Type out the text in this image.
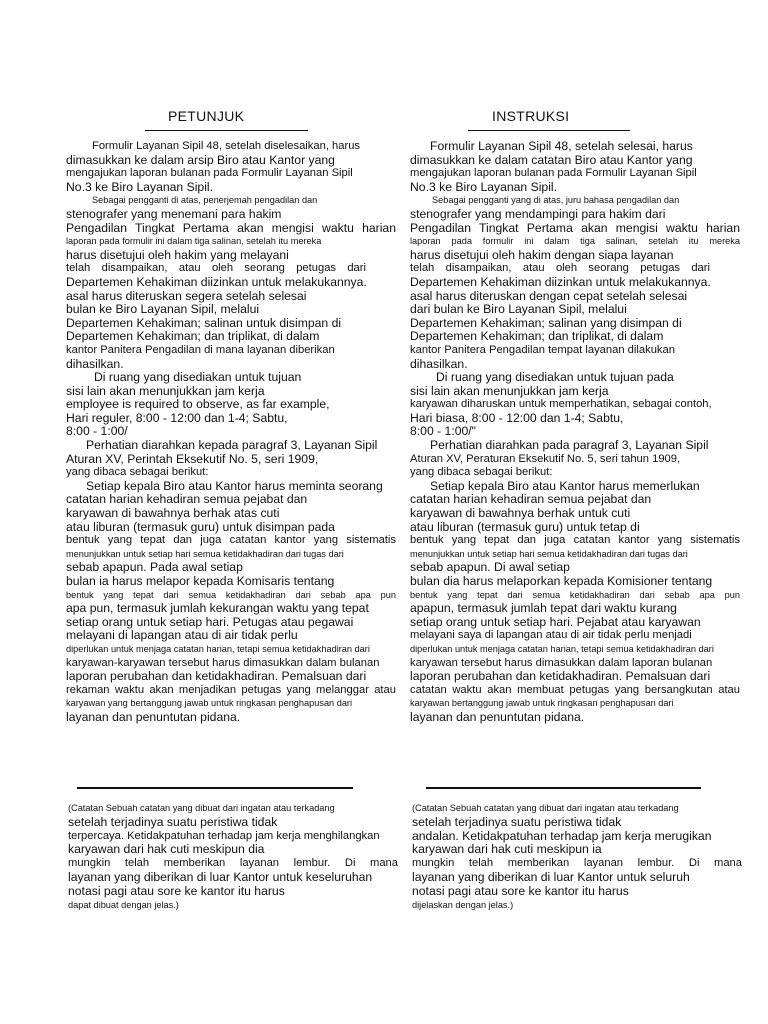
PETUNJUK
Formulir Layanan Sipil 48, setelah diselesaikan, harus
dimasukkan ke dalam arsip Biro atau Kantor yang
mengajukan laporan bulanan pada Formulir Layanan Sipil
No.3 ke Biro Layanan Sipil.
Sebagai pengganti di atas, penerjemah pengadilan dan
stenografer yang menemani para hakim
Pengadilan Tingkat Pertama akan mengisi waktu harian
laporan pada formulir ini dalam tiga salinan, setelah itu mereka
harus disetujui oleh hakim yang melayani
telah disampaikan, atau oleh seorang petugas dari
Departemen Kehakiman diizinkan untuk melakukannya.
asal harus diteruskan segera setelah selesai
bulan ke Biro Layanan Sipil, melalui
Departemen Kehakiman; salinan untuk disimpan di
Departemen Kehakiman; dan triplikat, di dalam
kantor Panitera Pengadilan di mana layanan diberikan
dihasilkan.
Di ruang yang disediakan untuk tujuan
sisi lain akan menunjukkan jam kerja
employee is required to observe, as far example,
Hari reguler, 8:00 - 12:00 dan 1-4; Sabtu,
8:00 - 1:00/
Perhatian diarahkan kepada paragraf 3, Layanan Sipil
Aturan XV, Perintah Eksekutif No. 5, seri 1909,
yang dibaca sebagai berikut:
Setiap kepala Biro atau Kantor harus meminta seorang
catatan harian kehadiran semua pejabat dan
karyawan di bawahnya berhak atas cuti
atau liburan (termasuk guru) untuk disimpan pada
bentuk yang tepat dan juga catatan kantor yang sistematis
menunjukkan untuk setiap hari semua ketidakhadiran dari tugas dari
sebab apapun. Pada awal setiap
bulan ia harus melapor kepada Komisaris tentang
bentuk yang tepat dari semua ketidakhadiran dari sebab apa pun
apa pun, termasuk jumlah kekurangan waktu yang tepat
setiap orang untuk setiap hari. Petugas atau pegawai
melayani di lapangan atau di air tidak perlu
diperlukan untuk menjaga catatan harian, tetapi semua ketidakhadiran dari
karyawan-karyawan tersebut harus dimasukkan dalam bulanan
laporan perubahan dan ketidakhadiran. Pemalsuan dari
rekaman waktu akan menjadikan petugas yang melanggar atau
karyawan yang bertanggung jawab untuk ringkasan penghapusan dari
layanan dan penuntutan pidana.
(Catatan Sebuah catatan yang dibuat dari ingatan atau terkadang
setelah terjadinya suatu peristiwa tidak
terpercaya. Ketidakpatuhan terhadap jam kerja menghilangkan
karyawan dari hak cuti meskipun dia
mungkin telah memberikan layanan lembur. Di mana
layanan yang diberikan di luar Kantor untuk keseluruhan
notasi pagi atau sore ke kantor itu harus
dapat dibuat dengan jelas.)
INSTRUKSI
Formulir Layanan Sipil 48, setelah selesai, harus
dimasukkan ke dalam catatan Biro atau Kantor yang
mengajukan laporan bulanan pada Formulir Layanan Sipil
No.3 ke Biro Layanan Sipil.
Sebagai pengganti yang di atas, juru bahasa pengadilan dan
stenografer yang mendampingi para hakim dari
Pengadilan Tingkat Pertama akan mengisi waktu harian
laporan pada formulir ini dalam tiga salinan, setelah itu mereka
harus disetujui oleh hakim dengan siapa layanan
telah disampaikan, atau oleh seorang petugas dari
Departemen Kehakiman diizinkan untuk melakukannya.
asal harus diteruskan dengan cepat setelah selesai
dari bulan ke Biro Layanan Sipil, melalui
Departemen Kehakiman; salinan yang disimpan di
Departemen Kehakiman; dan triplikat, di dalam
kantor Panitera Pengadilan tempat layanan dilakukan
dihasilkan.
Di ruang yang disediakan untuk tujuan pada
sisi lain akan menunjukkan jam kerja
karyawan diharuskan untuk memperhatikan, sebagai contoh,
Hari biasa, 8:00 - 12:00 dan 1-4; Sabtu,
8:00 - 1:00/"
Perhatian diarahkan pada paragraf 3, Layanan Sipil
Aturan XV, Peraturan Eksekutif No. 5, seri tahun 1909,
yang dibaca sebagai berikut:
Setiap kepala Biro atau Kantor harus memerlukan
catatan harian kehadiran semua pejabat dan
karyawan di bawahnya berhak untuk cuti
atau liburan (termasuk guru) untuk tetap di
bentuk yang tepat dan juga catatan kantor yang sistematis
menunjukkan untuk setiap hari semua ketidakhadiran dari tugas dari
sebab apapun. Di awal setiap
bulan dia harus melaporkan kepada Komisioner tentang
bentuk yang tepat dari semua ketidakhadiran dari sebab apa pun
apapun, termasuk jumlah tepat dari waktu kurang
setiap orang untuk setiap hari. Pejabat atau karyawan
melayani saya di lapangan atau di air tidak perlu menjadi
diperlukan untuk menjaga catatan harian, tetapi semua ketidakhadiran dari
karyawan tersebut harus dimasukkan dalam laporan bulanan
laporan perubahan dan ketidakhadiran. Pemalsuan dari
catatan waktu akan membuat petugas yang bersangkutan atau
karyawan bertanggung jawab untuk ringkasan penghapusan dari
layanan dan penuntutan pidana.
(Catatan Sebuah catatan yang dibuat dari ingatan atau terkadang
setelah terjadinya suatu peristiwa tidak
andalan. Ketidakpatuhan terhadap jam kerja merugikan
karyawan dari hak cuti meskipun ia
mungkin telah memberikan layanan lembur. Di mana
layanan yang diberikan di luar Kantor untuk seluruh
notasi pagi atau sore ke kantor itu harus
dijelaskan dengan jelas.)
